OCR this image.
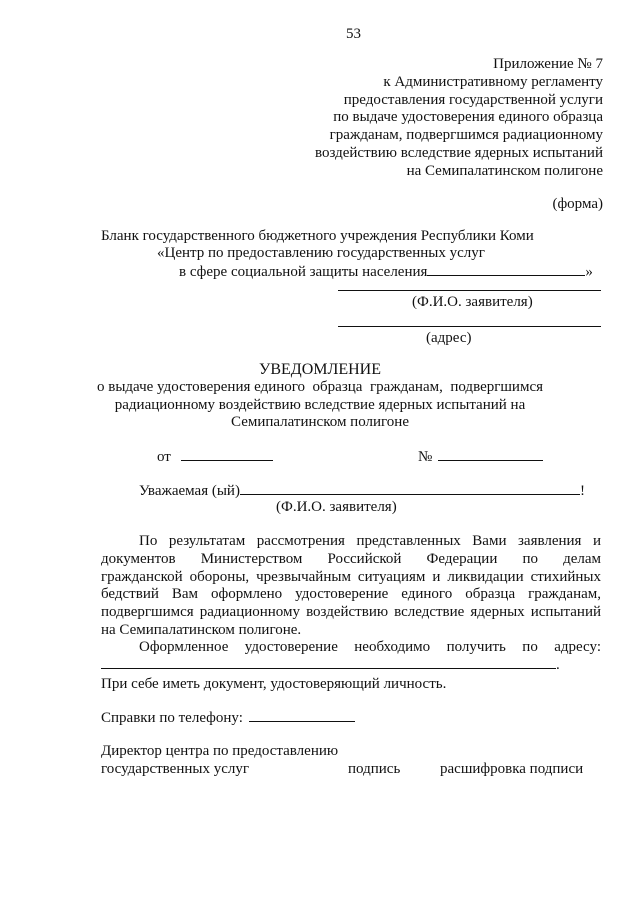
53
Приложение № 7
к Административному регламенту
предоставления государственной услуги
по выдаче удостоверения единого образца
гражданам, подвергшимся радиационному
воздействию вследствие ядерных испытаний
на Семипалатинском полигоне
(форма)
Бланк государственного бюджетного учреждения Республики Коми
«Центр по предоставлению государственных услуг
в сфере социальной защиты населения	»
(Ф.И.О. заявителя)
(адрес)
УВЕДОМЛЕНИЕ
о выдаче удостоверения единого  образца  гражданам,  подвергшимся
радиационному воздействию вследствие ядерных испытаний на
Семипалатинском полигоне
от	№
Уважаемая (ый)	!
(Ф.И.О. заявителя)
По результатам рассмотрения представленных Вами заявления и
документов Министерством Российской Федерации по делам
гражданской обороны, чрезвычайным ситуациям и ликвидации стихийных
бедствий Вам оформлено удостоверение единого образца гражданам,
подвергшимся радиационному воздействию вследствие ядерных испытаний
на Семипалатинском полигоне.
Оформленное удостоверение необходимо получить по адресу:
.
При себе иметь документ, удостоверяющий личность.
Справки по телефону:
Директор центра по предоставлению
государственных услуг	подпись	расшифровка подписи
